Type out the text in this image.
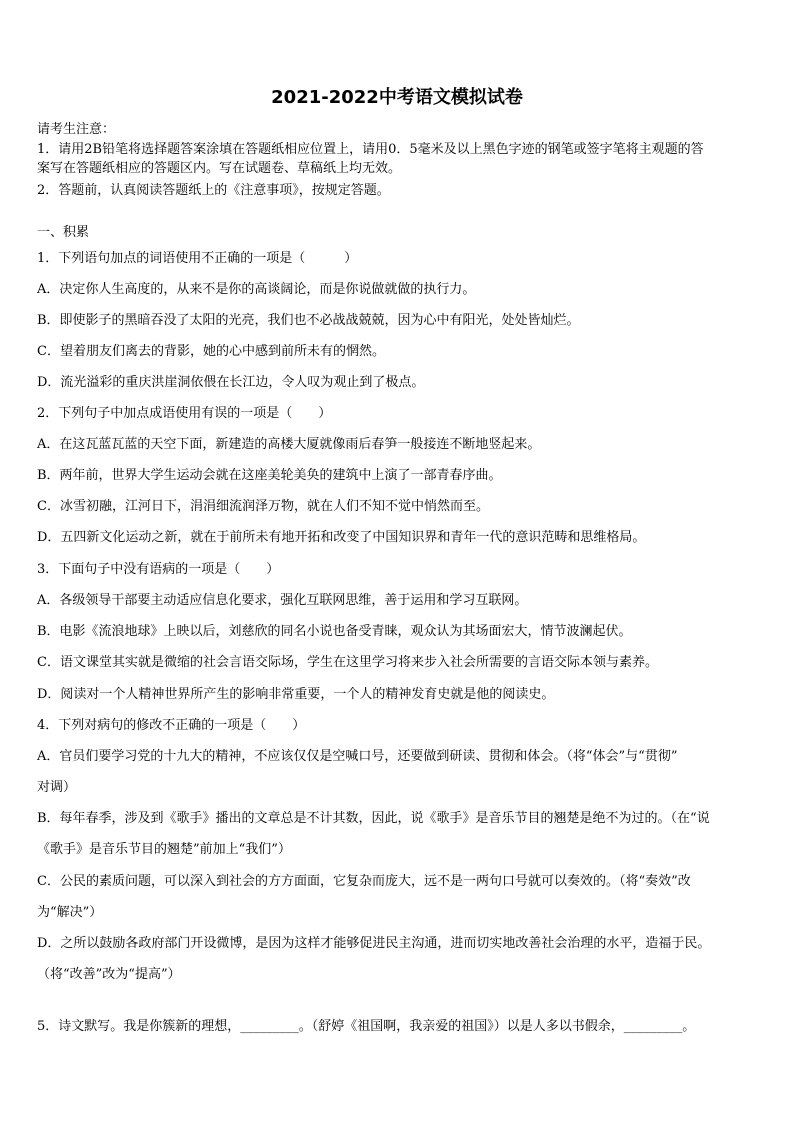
2021-2022中考语文模拟试卷
请考生注意：
1．请用2B铅笔将选择题答案涂填在答题纸相应位置上，请用0．5毫米及以上黑色字迹的钢笔或签字笔将主观题的答
案写在答题纸相应的答题区内。写在试题卷、草稿纸上均无效。
2．答题前，认真阅读答题纸上的《注意事项》，按规定答题。
一、积累
1．下列语句加点的词语使用不正确的一项是（　　　）
A．决定你人生高度的，从来不是你的高谈阔论，而是你说做就做的执行力。
B．即使影子的黑暗吞没了太阳的光亮，我们也不必战战兢兢，因为心中有阳光，处处皆灿烂。
C．望着朋友们离去的背影，她的心中感到前所未有的惘然。
D．流光溢彩的重庆洪崖洞依偎在长江边，令人叹为观止到了极点。
2．下列句子中加点成语使用有误的一项是（　　）
A．在这瓦蓝瓦蓝的天空下面，新建造的高楼大厦就像雨后春笋一般接连不断地竖起来。
B．两年前，世界大学生运动会就在这座美轮美奂的建筑中上演了一部青春序曲。
C．冰雪初融，江河日下，涓涓细流润泽万物，就在人们不知不觉中悄然而至。
D．五四新文化运动之新，就在于前所未有地开拓和改变了中国知识界和青年一代的意识范畴和思维格局。
3．下面句子中没有语病的一项是（　　）
A．各级领导干部要主动适应信息化要求，强化互联网思维，善于运用和学习互联网。
B．电影《流浪地球》上映以后，刘慈欣的同名小说也备受青睐，观众认为其场面宏大，情节波澜起伏。
C．语文课堂其实就是微缩的社会言语交际场，学生在这里学习将来步入社会所需要的言语交际本领与素养。
D．阅读对一个人精神世界所产生的影响非常重要，一个人的精神发育史就是他的阅读史。
4．下列对病句的修改不正确的一项是（　　）
A．官员们要学习党的十九大的精神，不应该仅仅是空喊口号，还要做到研读、贯彻和体会。（将“体会”与“贯彻”
对调）
B．每年春季，涉及到《歌手》播出的文章总是不计其数，因此，说《歌手》是音乐节目的翘楚是绝不为过的。（在“说
《歌手》是音乐节目的翘楚”前加上“我们”）
C．公民的素质问题，可以深入到社会的方方面面，它复杂而庞大，远不是一两句口号就可以奏效的。（将“奏效”改
为“解决”）
D．之所以鼓励各政府部门开设微博，是因为这样才能够促进民主沟通，进而切实地改善社会治理的水平，造福于民。
（将“改善”改为“提高”）
5．诗文默写。我是你簇新的理想，_________。（舒婷《祖国啊，我亲爱的祖国》）以是人多以书假余，_________。
